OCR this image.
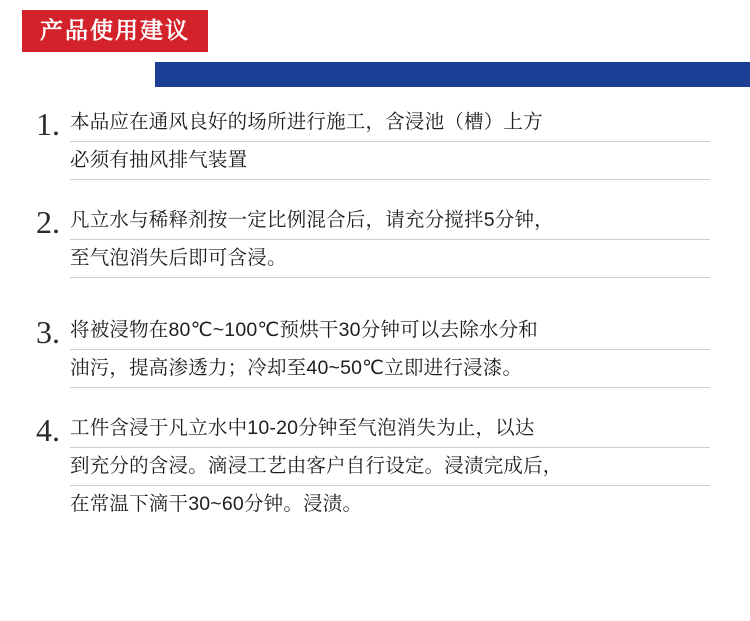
产品使用建议
1. 本品应在通风良好的场所进行施工，含浸池（槽）上方
必须有抽风排气装置
2. 凡立水与稀释剂按一定比例混合后，请充分搅拌5分钟，
至气泡消失后即可含浸。
3. 将被浸物在80℃~100℃预烘干30分钟可以去除水分和
油污，提高渗透力；冷却至40~50℃立即进行浸漆。
4. 工件含浸于凡立水中10-20分钟至气泡消失为止，以达
到充分的含浸。滴浸工艺由客户自行设定。浸渍完成后，
在常温下滴干30~60分钟。浸渍。
